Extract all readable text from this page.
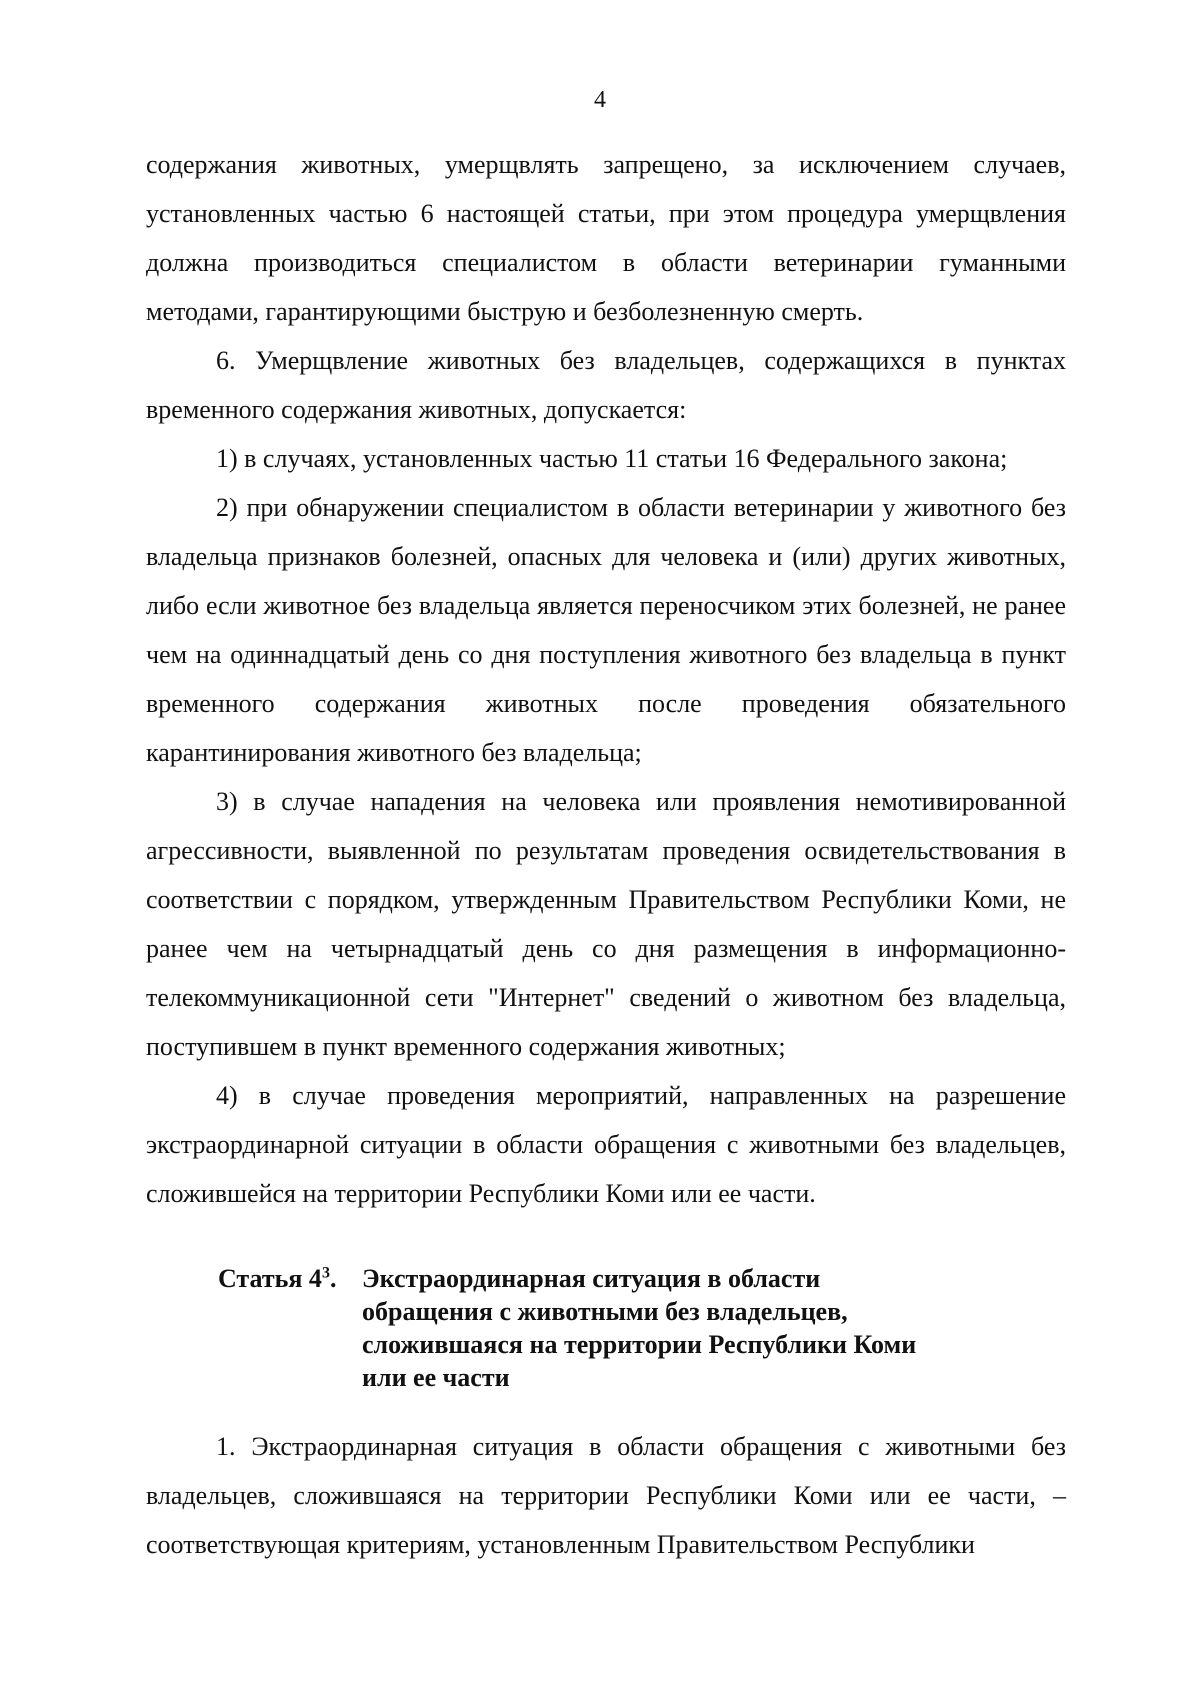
4

содержания животных, умерщвлять запрещено, за исключением случаев, установленных частью 6 настоящей статьи, при этом процедура умерщвления должна производиться специалистом в области ветеринарии гуманными методами, гарантирующими быструю и безболезненную смерть.

6. Умерщвление животных без владельцев, содержащихся в пунктах временного содержания животных, допускается:

1) в случаях, установленных частью 11 статьи 16 Федерального закона;

2) при обнаружении специалистом в области ветеринарии у животного без владельца признаков болезней, опасных для человека и (или) других животных, либо если животное без владельца является переносчиком этих болезней, не ранее чем на одиннадцатый день со дня поступления животного без владельца в пункт временного содержания животных после проведения обязательного карантинирования животного без владельца;

3) в случае нападения на человека или проявления немотивированной агрессивности, выявленной по результатам проведения освидетельствования в соответствии с порядком, утвержденным Правительством Республики Коми, не ранее чем на четырнадцатый день со дня размещения в информационно-телекоммуникационной сети "Интернет" сведений о животном без владельца, поступившем в пункт временного содержания животных;

4) в случае проведения мероприятий, направленных на разрешение экстраординарной ситуации в области обращения с животными без владельцев, сложившейся на территории Республики Коми или ее части.

Статья $4^3$. Экстраординарная ситуация в области
обращения с животными без владельцев,
сложившаяся на территории Республики Коми
или ее части

1. Экстраординарная ситуация в области обращения с животными без владельцев, сложившаяся на территории Республики Коми или ее части, – соответствующая критериям, установленным Правительством Республики
